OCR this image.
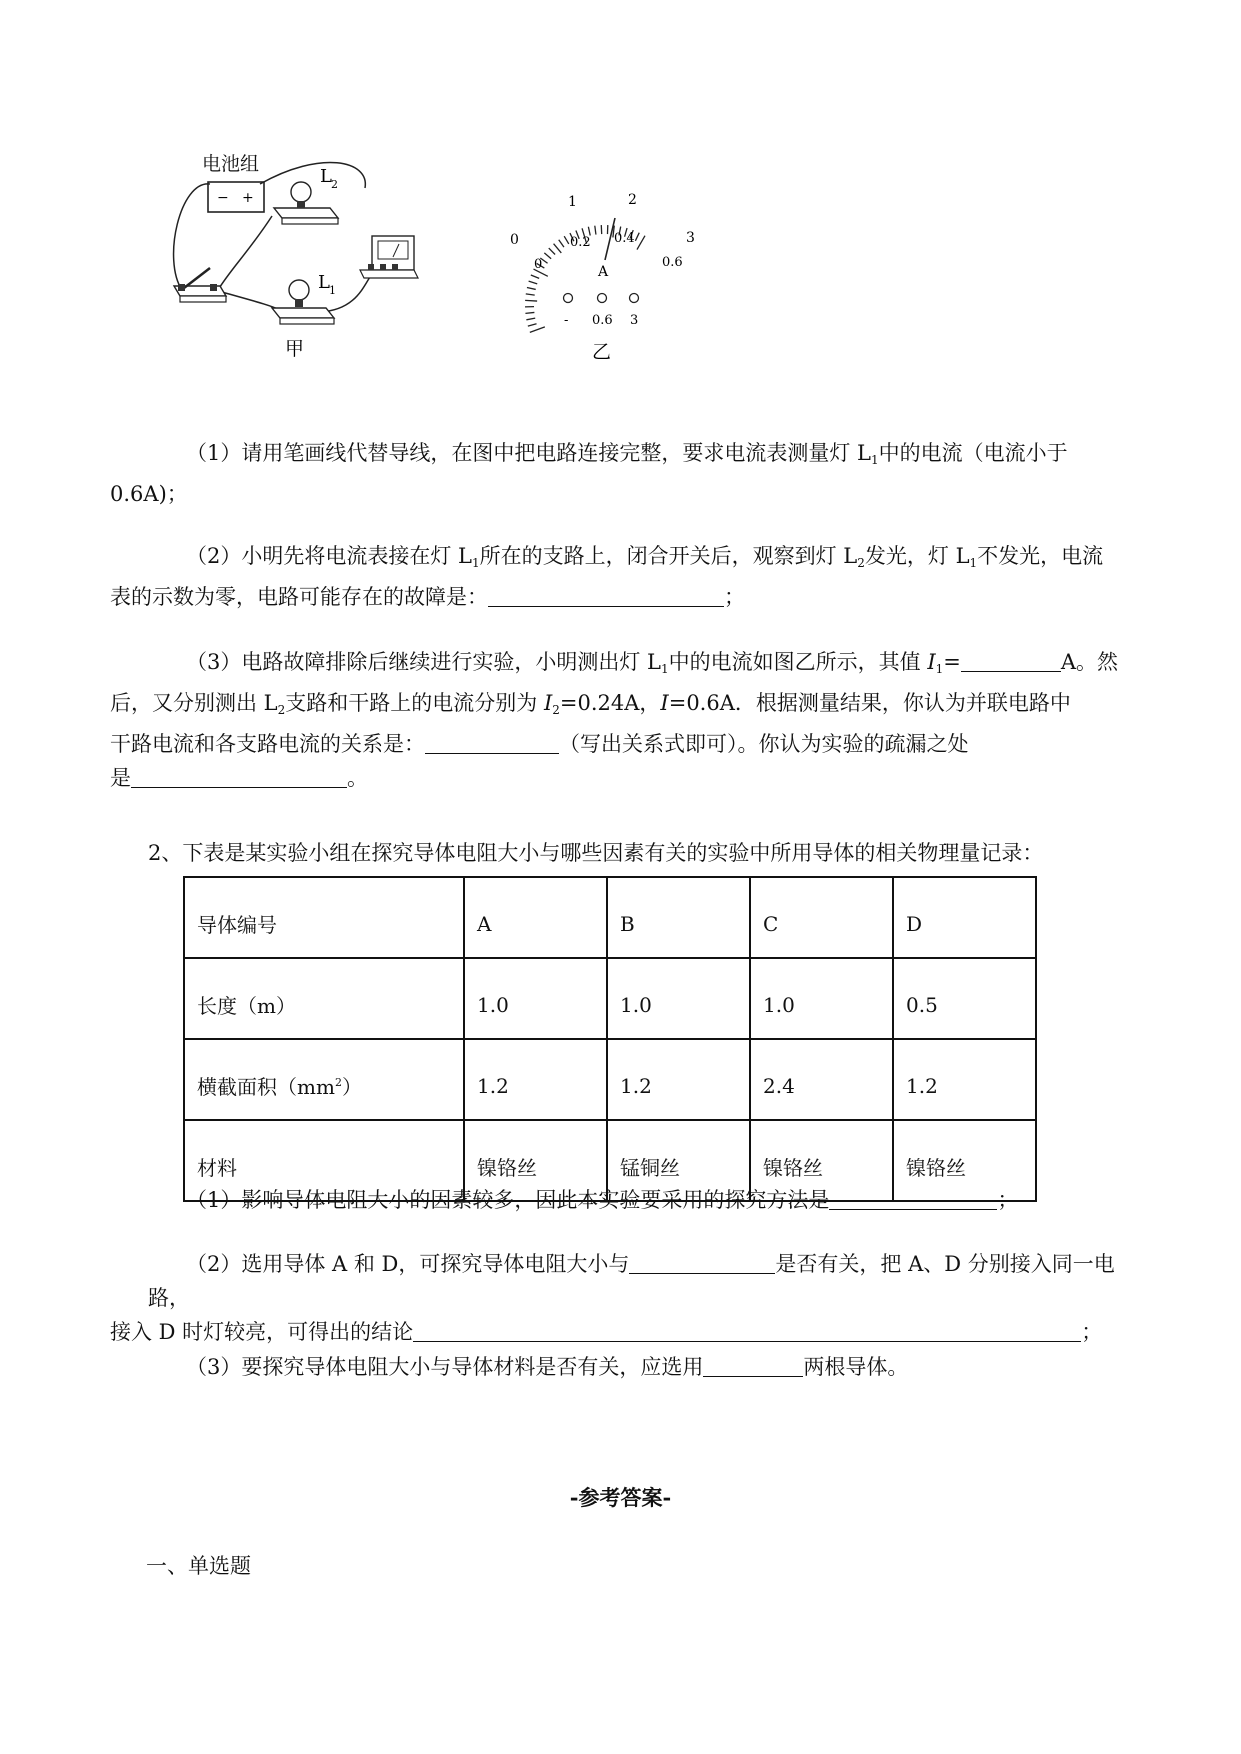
电池组
− +
L 2
L 1
甲
0
1	2
3
0
0.2 0.4
0.6
A
- 0.6 3
乙
（1）请用笔画线代替导线，在图中把电路连接完整，要求电流表测量灯 $L_1$中的电流（电流小于
0.6A)；
（2）小明先将电流表接在灯 $L_1$所在的支路上，闭合开关后，观察到灯 $L_2$发光，灯 $L_1$不发光，电流
表的示数为零，电路可能存在的故障是：	；
（3）电路故障排除后继续进行实验，小明测出灯 $L_1$中的电流如图乙所示，其值 $I_1=$	A。然
后，又分别测出 $L_2$支路和干路上的电流分别为 $I_2=0.24A$，I=0.6A．根据测量结果，你认为并联电路中
干路电流和各支路电流的关系是：	（写出关系式即可）。你认为实验的疏漏之处
是	。
2、下表是某实验小组在探究导体电阻大小与哪些因素有关的实验中所用导体的相关物理量记录：
导体编号	A	B	C	D
长度（m）	1.0	1.0	1.0	0.5
横截面积$(mm^2)$	1.2	1.2	2.4	1.2
材料	镍铬丝	锰铜丝	镍铬丝	镍铬丝
（1）影响导体电阻大小的因素较多，因此本实验要采用的探究方法是	；
（2）选用导体 A 和 D，可探究导体电阻大小与	是否有关，把 A、D 分别接入同一电路，
接入 D 时灯较亮，可得出的结论	；
（3）要探究导体电阻大小与导体材料是否有关，应选用	两根导体。
-参考答案-
一、单选题
